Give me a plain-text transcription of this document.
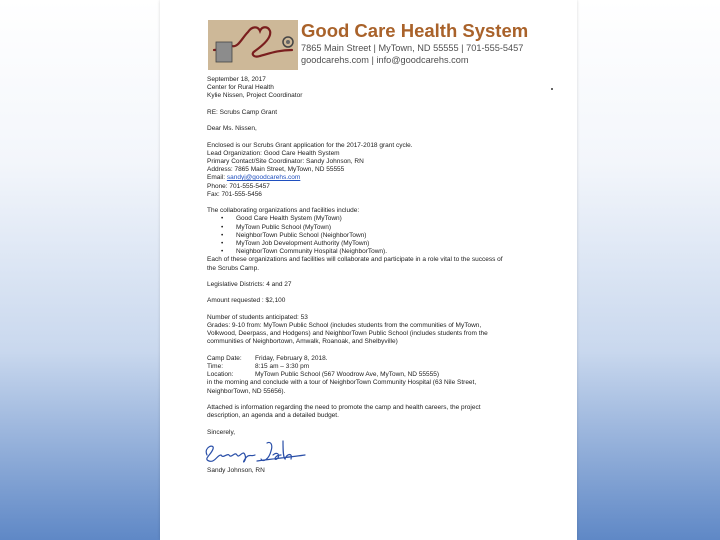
Good Care Health System
7865 Main Street | MyTown, ND 55555 | 701-555-5457
goodcarehs.com | info@goodcarehs.com
September 18, 2017
Center for Rural Health
Kylie Nissen, Project Coordinator
RE: Scrubs Camp Grant
Dear Ms. Nissen,
Enclosed is our Scrubs Grant application for the 2017-2018 grant cycle.
Lead Organization: Good Care Health System
Primary Contact/Site Coordinator: Sandy Johnson, RN
Address: 7865 Main Street, MyTown, ND 55555
Email: sandyj@goodcarehs.com
Phone: 701-555-5457
Fax: 701-555-5456
The collaborating organizations and facilities include:
• Good Care Health System (MyTown)
• MyTown Public School (MyTown)
• NeighborTown Public School (NeighborTown)
• MyTown Job Development Authority (MyTown)
• NeighborTown Community Hospital (NeighborTown).
Each of these organizations and facilities will collaborate and participate in a role vital to the success of
the Scrubs Camp.
Legislative Districts: 4 and 27
Amount requested : $2,100
Number of students anticipated: 53
Grades: 9-10 from: MyTown Public School (includes students from the communities of MyTown,
Volkwood, Deerpass, and Hodgens) and NeighborTown Public School (includes students from the
communities of Neighbortown, Amwalk, Roanoak, and Shelbyville)
Camp Date:	Friday, February 8, 2018.
Time:	8:15 am – 3:30 pm
Location:	MyTown Public School (567 Woodrow Ave, MyTown, ND 55555)
in the morning and conclude with a tour of NeighborTown Community Hospital (63 Nile Street,
NeighborTown, ND 55656).
Attached is information regarding the need to promote the camp and health careers, the project
description, an agenda and a detailed budget.
Sincerely,
Sandy Johnson, RN
